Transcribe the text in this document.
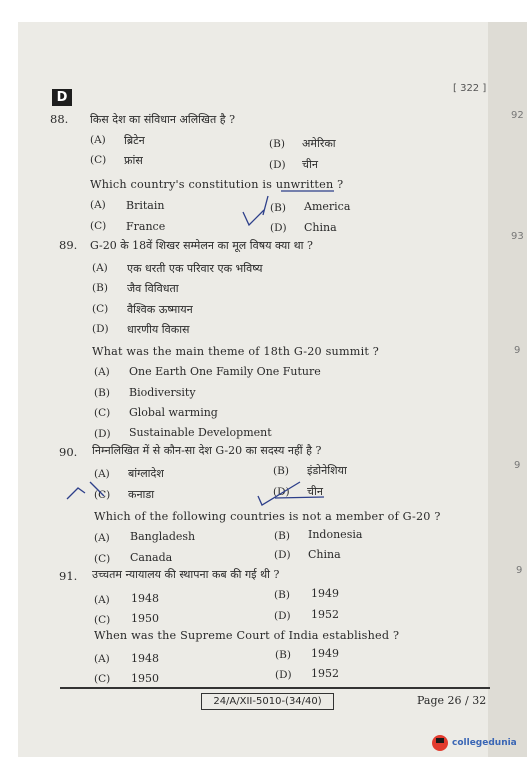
D
[ 322 ]
92
93
9
9
9
88. किस देश का संविधान अलिखित है ?
(A) ब्रिटेन	(B) अमेरिका
(C) फ्रांस	(D) चीन
Which country's constitution is unwritten ?
(A) Britain	(B) America
(C) France	(D) China
89. G-20 के 18वें शिखर सम्मेलन का मूल विषय क्या था ?
(A) एक धरती एक परिवार एक भविष्य
(B) जैव विविधता
(C) वैश्विक ऊष्मायन
(D) धारणीय विकास
What was the main theme of 18th G-20 summit ?
(A) One Earth One Family One Future
(B) Biodiversity
(C) Global warming
(D) Sustainable Development
90. निम्नलिखित में से कौन-सा देश G-20 का सदस्य नहीं है ?
(A) बांग्लादेश	(B) इंडोनेशिया
(C) कनाडा	(D) चीन
Which of the following countries is not a member of G-20 ?
(A) Bangladesh	(B) Indonesia
(C) Canada	(D) China
91. उच्चतम न्यायालय की स्थापना कब की गई थी ?
(A) 1948	(B) 1949
(C) 1950	(D) 1952
When was the Supreme Court of India established ?
(A) 1948	(B) 1949
(C) 1950	(D) 1952
24/A/XII-5010-(34/40)	Page 26 / 32
collegedunia
